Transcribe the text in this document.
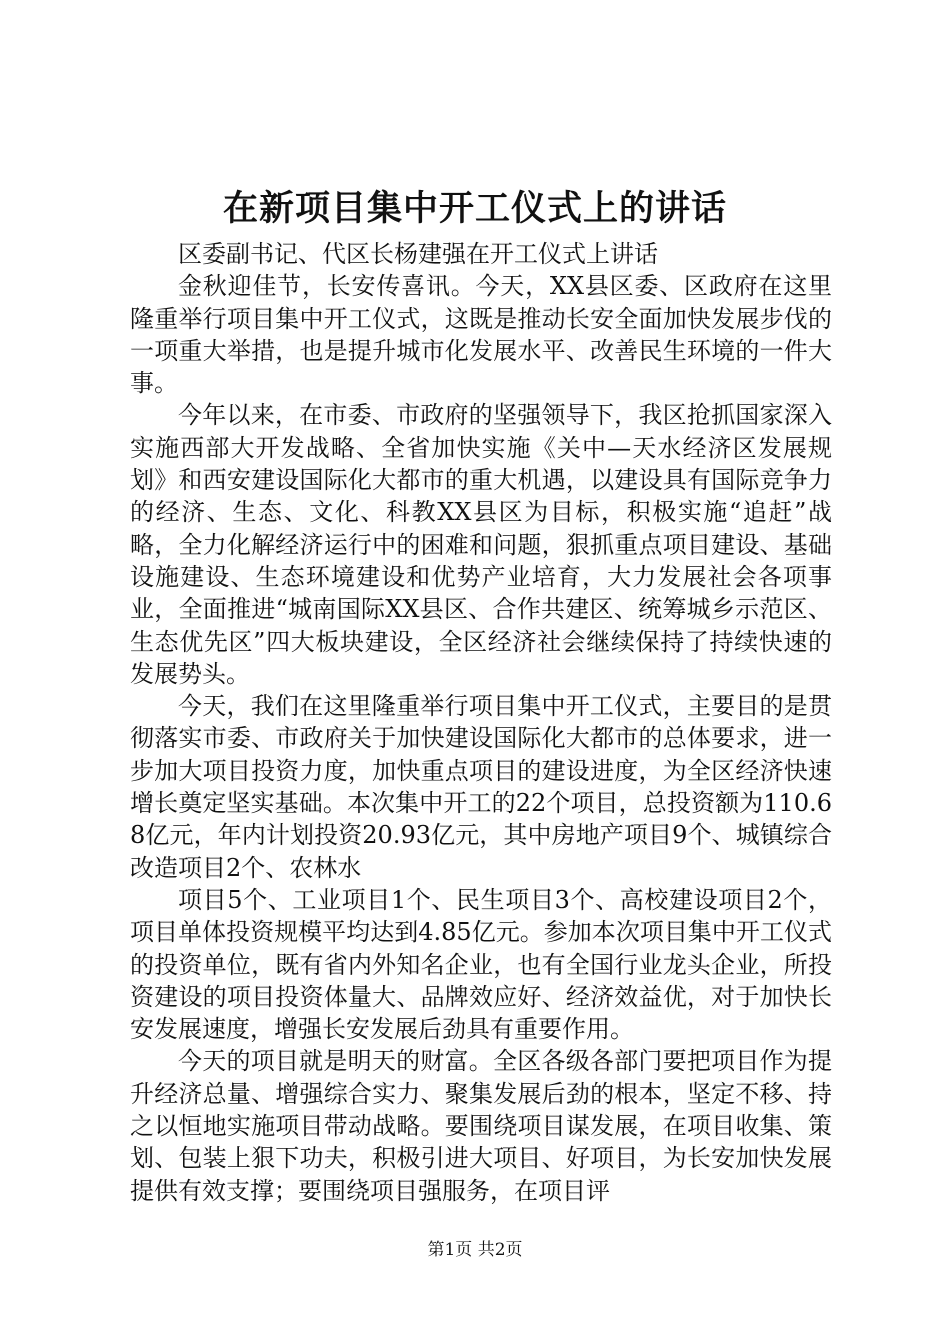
在新项目集中开工仪式上的讲话

区委副书记、代区长杨建强在开工仪式上讲话

金秋迎佳节，长安传喜讯。今天，XX县区委、区政府在这里隆重举行项目集中开工仪式，这既是推动长安全面加快发展步伐的一项重大举措，也是提升城市化发展水平、改善民生环境的一件大事。

今年以来，在市委、市政府的坚强领导下，我区抢抓国家深入实施西部大开发战略、全省加快实施《关中—天水经济区发展规划》和西安建设国际化大都市的重大机遇，以建设具有国际竞争力的经济、生态、文化、科教XX县区为目标，积极实施“追赶”战略，全力化解经济运行中的困难和问题，狠抓重点项目建设、基础设施建设、生态环境建设和优势产业培育，大力发展社会各项事业，全面推进“城南国际XX县区、合作共建区、统筹城乡示范区、生态优先区”四大板块建设，全区经济社会继续保持了持续快速的发展势头。

今天，我们在这里隆重举行项目集中开工仪式，主要目的是贯彻落实市委、市政府关于加快建设国际化大都市的总体要求，进一步加大项目投资力度，加快重点项目的建设进度，为全区经济快速增长奠定坚实基础。本次集中开工的22个项目，总投资额为110.68亿元，年内计划投资20.93亿元，其中房地产项目9个、城镇综合改造项目2个、农林水

项目5个、工业项目1个、民生项目3个、高校建设项目2个，项目单体投资规模平均达到4.85亿元。参加本次项目集中开工仪式的投资单位，既有省内外知名企业，也有全国行业龙头企业，所投资建设的项目投资体量大、品牌效应好、经济效益优，对于加快长安发展速度，增强长安发展后劲具有重要作用。

今天的项目就是明天的财富。全区各级各部门要把项目作为提升经济总量、增强综合实力、聚集发展后劲的根本，坚定不移、持之以恒地实施项目带动战略。要围绕项目谋发展，在项目收集、策划、包装上狠下功夫，积极引进大项目、好项目，为长安加快发展提供有效支撑；要围绕项目强服务，在项目评

第1页 共2页
